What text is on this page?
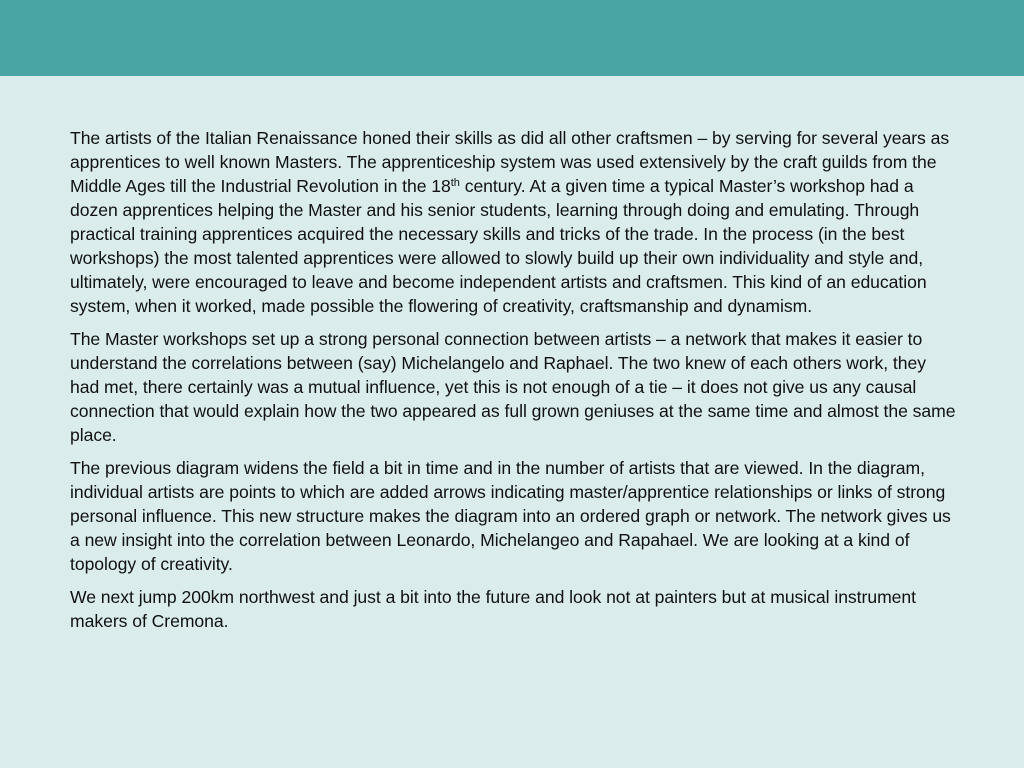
The artists of the Italian Renaissance honed their skills as did all other craftsmen – by serving for several years as apprentices to well known Masters. The apprenticeship system was used extensively by the craft guilds from the Middle Ages till the Industrial Revolution in the 18th century. At a given time a typical Master’s workshop had a dozen apprentices helping the Master and his senior students, learning through doing and emulating. Through practical training apprentices acquired the necessary skills and tricks of the trade. In the process (in the best workshops) the most talented apprentices were allowed to slowly build up their own individuality and style and, ultimately, were encouraged to leave and become independent artists and craftsmen. This kind of an education system, when it worked, made possible the flowering of creativity, craftsmanship and dynamism.

The Master workshops set up a strong personal connection between artists – a network that makes it easier to understand the correlations between (say) Michelangelo and Raphael. The two knew of each others work, they had met, there certainly was a mutual influence, yet this is not enough of a tie – it does not give us any causal connection that would explain how the two appeared as full grown geniuses at the same time and almost the same place.

The previous diagram widens the field a bit in time and in the number of artists that are viewed. In the diagram, individual artists are points to which are added arrows indicating master/apprentice relationships or links of strong personal influence. This new structure makes the diagram into an ordered graph or network. The network gives us a new insight into the correlation between Leonardo, Michelangeo and Rapahael. We are looking at a kind of topology of creativity.

We next jump 200km northwest and just a bit into the future and look not at painters but at musical instrument makers of Cremona.
